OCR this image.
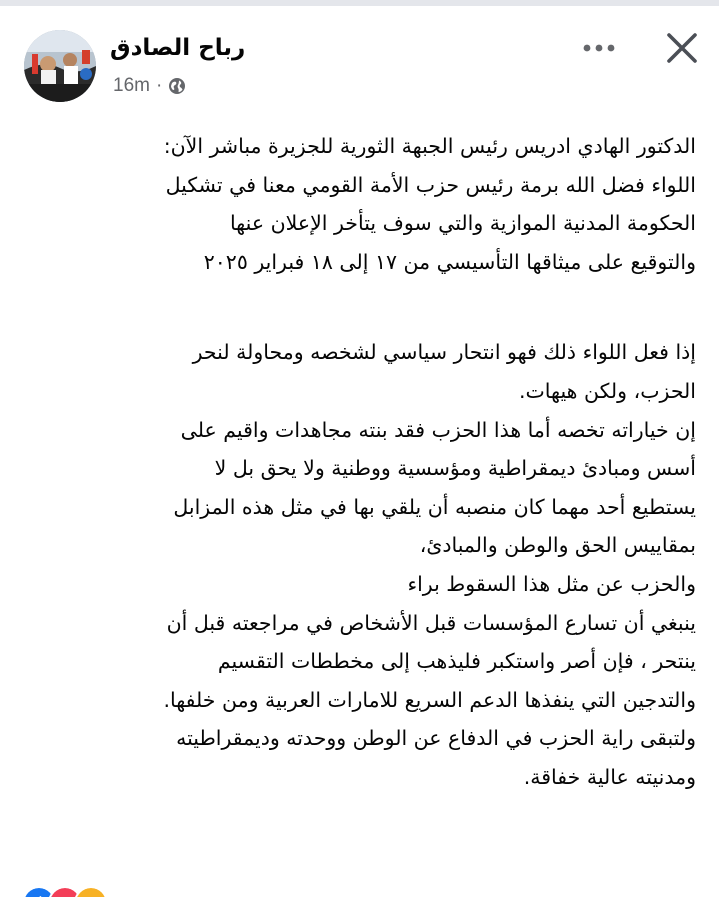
رباح الصادق
16m ·
الدكتور الهادي ادريس رئيس الجبهة الثورية للجزيرة مباشر الآن:
اللواء فضل الله برمة رئيس حزب الأمة القومي معنا في تشكيل
الحكومة المدنية الموازية والتي سوف يتأخر الإعلان عنها
والتوقيع على ميثاقها التأسيسي من ١٧ إلى ١٨ فبراير ٢٠٢٥
إذا فعل اللواء ذلك فهو انتحار سياسي لشخصه ومحاولة لنحر
الحزب، ولكن هيهات.
إن خياراته تخصه أما هذا الحزب فقد بنته مجاهدات واقيم على
أسس ومبادئ ديمقراطية ومؤسسية ووطنية ولا يحق بل لا
يستطيع أحد مهما كان منصبه أن يلقي بها في مثل هذه المزابل
بمقاييس الحق والوطن والمبادئ،
والحزب عن مثل هذا السقوط براء
ينبغي أن تسارع المؤسسات قبل الأشخاص في مراجعته قبل أن
ينتحر ، فإن أصر واستكبر فليذهب إلى مخططات التقسيم
والتدجين التي ينفذها الدعم السريع للامارات العربية ومن خلفها.
ولتبقى راية الحزب في الدفاع عن الوطن ووحدته وديمقراطيته
ومدنيته عالية خفاقة.
